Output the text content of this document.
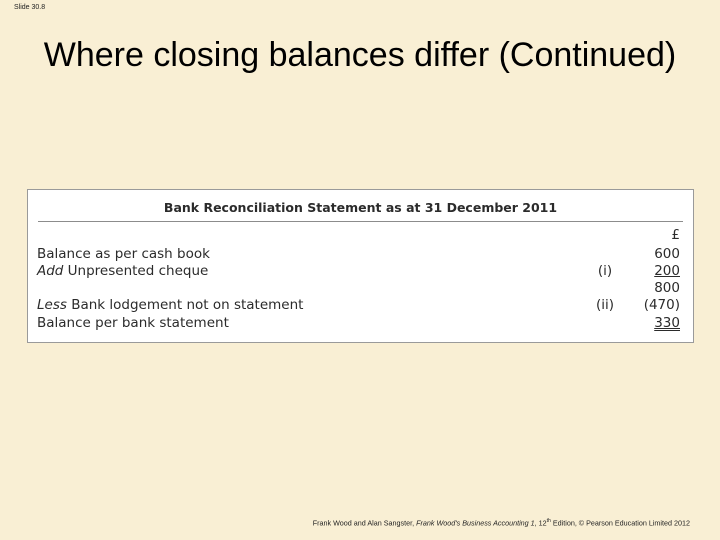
Slide 30.8
Where closing balances differ (Continued)
Bank Reconciliation Statement as at 31 December 2011
£
Balance as per cash book	600
Add Unpresented cheque	(i)	200
800
Less Bank lodgement not on statement	(ii)	(470)
Balance per bank statement	330
Frank Wood and Alan Sangster, Frank Wood's Business Accounting 1, 12th Edition, © Pearson Education Limited 2012
